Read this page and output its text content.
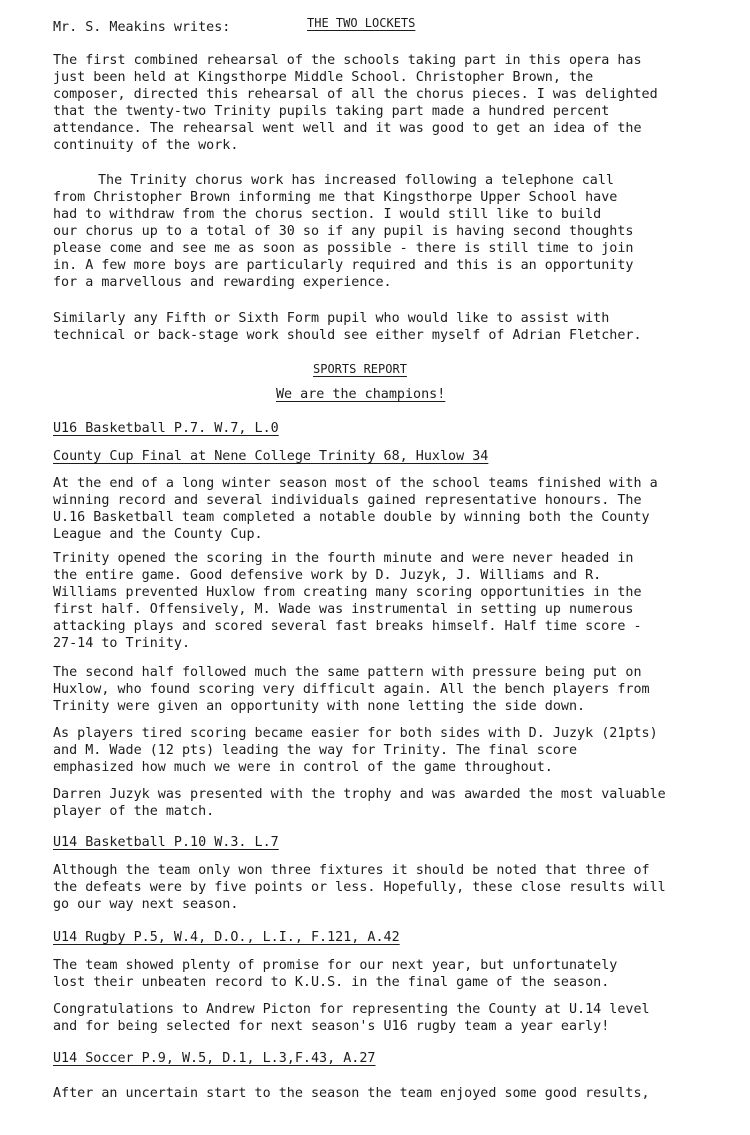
Mr. S. Meakins writes:	THE TWO LOCKETS
The first combined rehearsal of the schools taking part in this opera has
just been held at Kingsthorpe Middle School. Christopher Brown, the
composer, directed this rehearsal of all the chorus pieces. I was delighted
that the twenty-two Trinity pupils taking part made a hundred percent
attendance. The rehearsal went well and it was good to get an idea of the
continuity of the work.
The Trinity chorus work has increased following a telephone call
from Christopher Brown informing me that Kingsthorpe Upper School have
had to withdraw from the chorus section. I would still like to build
our chorus up to a total of 30 so if any pupil is having second thoughts
please come and see me as soon as possible - there is still time to join
in. A few more boys are particularly required and this is an opportunity
for a marvellous and rewarding experience.
Similarly any Fifth or Sixth Form pupil who would like to assist with
technical or back-stage work should see either myself of Adrian Fletcher.
SPORTS REPORT
We are the champions!
U16 Basketball P.7. W.7, L.0
County Cup Final at Nene College Trinity 68, Huxlow 34
At the end of a long winter season most of the school teams finished with a
winning record and several individuals gained representative honours. The
U.16 Basketball team completed a notable double by winning both the County
League and the County Cup.
Trinity opened the scoring in the fourth minute and were never headed in
the entire game. Good defensive work by D. Juzyk, J. Williams and R.
Williams prevented Huxlow from creating many scoring opportunities in the
first half. Offensively, M. Wade was instrumental in setting up numerous
attacking plays and scored several fast breaks himself. Half time score -
27-14 to Trinity.
The second half followed much the same pattern with pressure being put on
Huxlow, who found scoring very difficult again. All the bench players from
Trinity were given an opportunity with none letting the side down.
As players tired scoring became easier for both sides with D. Juzyk (21pts)
and M. Wade (12 pts) leading the way for Trinity. The final score
emphasized how much we were in control of the game throughout.
Darren Juzyk was presented with the trophy and was awarded the most valuable
player of the match.
U14 Basketball P.10 W.3. L.7
Although the team only won three fixtures it should be noted that three of
the defeats were by five points or less. Hopefully, these close results will
go our way next season.
U14 Rugby P.5, W.4, D.O., L.I., F.121, A.42
The team showed plenty of promise for our next year, but unfortunately
lost their unbeaten record to K.U.S. in the final game of the season.
Congratulations to Andrew Picton for representing the County at U.14 level
and for being selected for next season's U16 rugby team a year early!
U14 Soccer P.9, W.5, D.1, L.3,F.43, A.27
After an uncertain start to the season the team enjoyed some good results,
